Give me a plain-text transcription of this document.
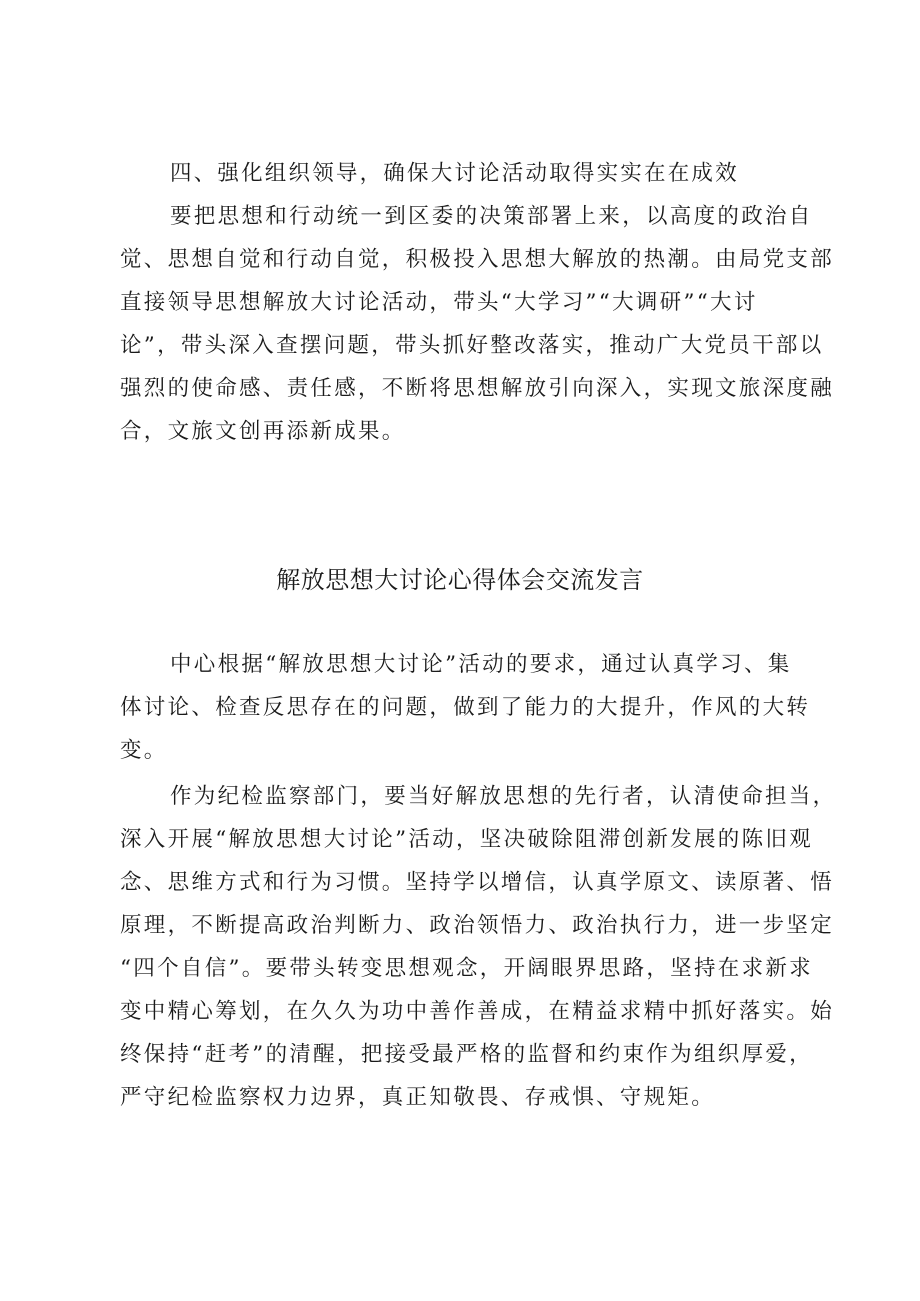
四、强化组织领导，确保大讨论活动取得实实在在成效
要把思想和行动统一到区委的决策部署上来，以高度的政治自
觉、思想自觉和行动自觉，积极投入思想大解放的热潮。由局党支部
直接领导思想解放大讨论活动，带头“大学习”“大调研”“大讨
论”，带头深入查摆问题，带头抓好整改落实，推动广大党员干部以
强烈的使命感、责任感，不断将思想解放引向深入，实现文旅深度融
合，文旅文创再添新成果。
解放思想大讨论心得体会交流发言
中心根据“解放思想大讨论”活动的要求，通过认真学习、集
体讨论、检查反思存在的问题，做到了能力的大提升，作风的大转
变。
作为纪检监察部门，要当好解放思想的先行者，认清使命担当，
深入开展“解放思想大讨论”活动，坚决破除阻滞创新发展的陈旧观
念、思维方式和行为习惯。坚持学以增信，认真学原文、读原著、悟
原理，不断提高政治判断力、政治领悟力、政治执行力，进一步坚定
“四个自信”。要带头转变思想观念，开阔眼界思路，坚持在求新求
变中精心筹划，在久久为功中善作善成，在精益求精中抓好落实。始
终保持“赶考”的清醒，把接受最严格的监督和约束作为组织厚爱，
严守纪检监察权力边界，真正知敬畏、存戒惧、守规矩。
